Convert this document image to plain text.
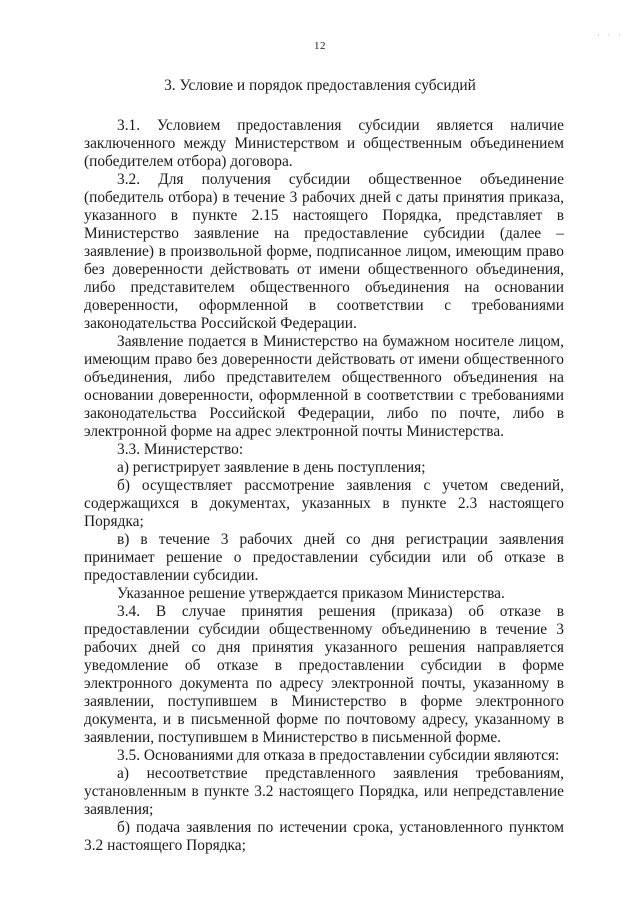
12
· · ·
3. Условие и порядок предоставления субсидий

3.1. Условием предоставления субсидии является наличие заключенного между Министерством и общественным объединением (победителем отбора) договора.

3.2. Для получения субсидии общественное объединение (победитель отбора) в течение 3 рабочих дней с даты принятия приказа, указанного в пункте 2.15 настоящего Порядка, представляет в Министерство заявление на предоставление субсидии (далее – заявление) в произвольной форме, подписанное лицом, имеющим право без доверенности действовать от имени общественного объединения, либо представителем общественного объединения на основании доверенности, оформленной в соответствии с требованиями законодательства Российской Федерации.

Заявление подается в Министерство на бумажном носителе лицом, имеющим право без доверенности действовать от имени общественного объединения, либо представителем общественного объединения на основании доверенности, оформленной в соответствии с требованиями законодательства Российской Федерации, либо по почте, либо в электронной форме на адрес электронной почты Министерства.

3.3. Министерство:

а) регистрирует заявление в день поступления;

б) осуществляет рассмотрение заявления с учетом сведений, содержащихся в документах, указанных в пункте 2.3 настоящего Порядка;

в) в течение 3 рабочих дней со дня регистрации заявления принимает решение о предоставлении субсидии или об отказе в предоставлении субсидии.

Указанное решение утверждается приказом Министерства.

3.4. В случае принятия решения (приказа) об отказе в предоставлении субсидии общественному объединению в течение 3 рабочих дней со дня принятия указанного решения направляется уведомление об отказе в предоставлении субсидии в форме электронного документа по адресу электронной почты, указанному в заявлении, поступившем в Министерство в форме электронного документа, и в письменной форме по почтовому адресу, указанному в заявлении, поступившем в Министерство в письменной форме.

3.5. Основаниями для отказа в предоставлении субсидии являются:

а) несоответствие представленного заявления требованиям, установленным в пункте 3.2 настоящего Порядка, или непредставление заявления;

б) подача заявления по истечении срока, установленного пунктом 3.2 настоящего Порядка;
